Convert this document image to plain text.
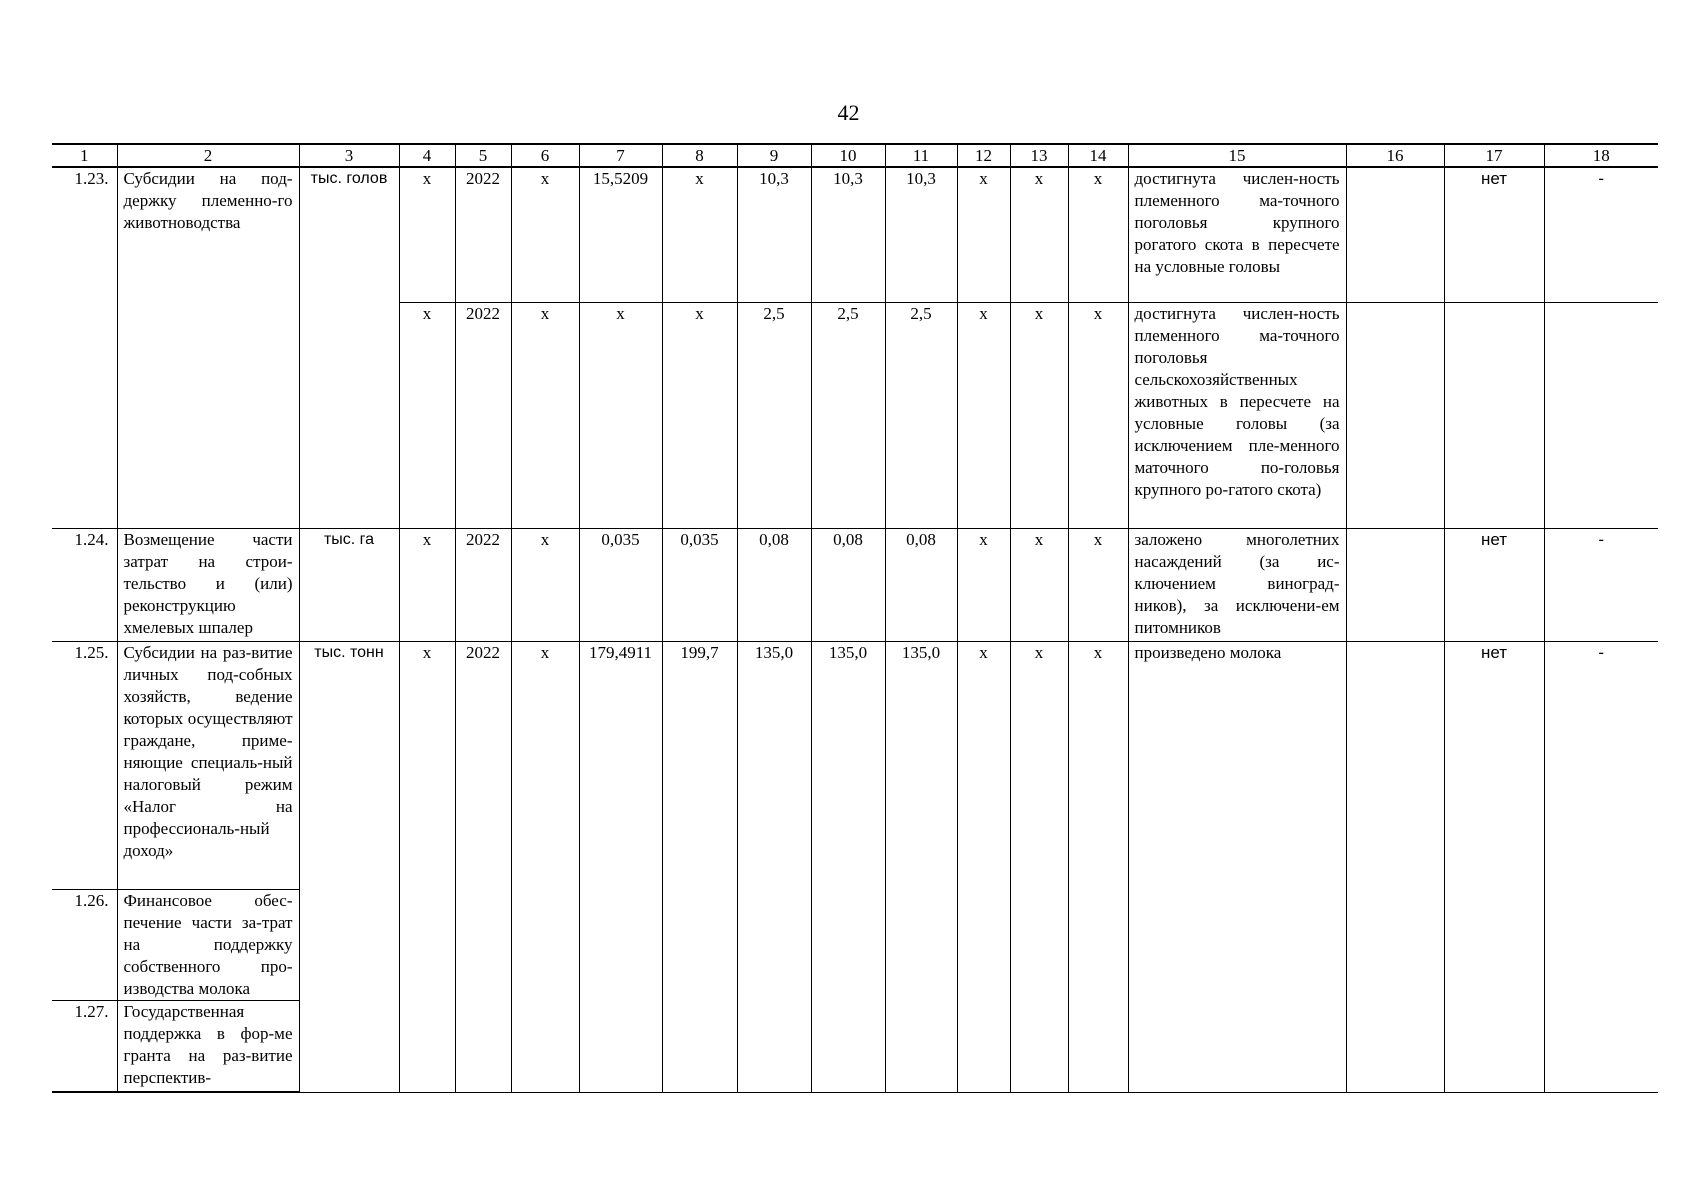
42
1	2	3	4	5	6	7	8	9	10	11	12	13	14	15	16	17	18
1.23.	Субсидии на под-держку племенно-го животноводства	тыс. голов	х	2022	х	15,5209	х	10,3	10,3	10,3	х	х	х	достигнута числен-ность племенного ма-точного поголовья крупного рогатого скота в пересчете на условные головы		нет	-
			х	2022	х	х	х	2,5	2,5	2,5	х	х	х	достигнута числен-ность племенного ма-точного поголовья сельскохозяйственных животных в пересчете на условные головы (за исключением пле-менного маточного по-головья крупного ро-гатого скота)			
1.24.	Возмещение части затрат на строи-тельство и (или) реконструкцию хмелевых шпалер	тыс. га	х	2022	х	0,035	0,035	0,08	0,08	0,08	х	х	х	заложено многолетних насаждений (за ис-ключением виноград-ников), за исключени-ем питомников		нет	-
1.25.	Субсидии на раз-витие личных под-собных хозяйств, ведение которых осуществляют граждане, приме-няющие специаль-ный налоговый режим «Налог на профессиональ-ный доход»	тыс. тонн	х	2022	х	179,4911	199,7	135,0	135,0	135,0	х	х	х	произведено молока		нет	-
1.26.	Финансовое обес-печение части за-трат на поддержку собственного про-изводства молока																
1.27.	Государственная поддержка в фор-ме гранта на раз-витие перспектив-																
